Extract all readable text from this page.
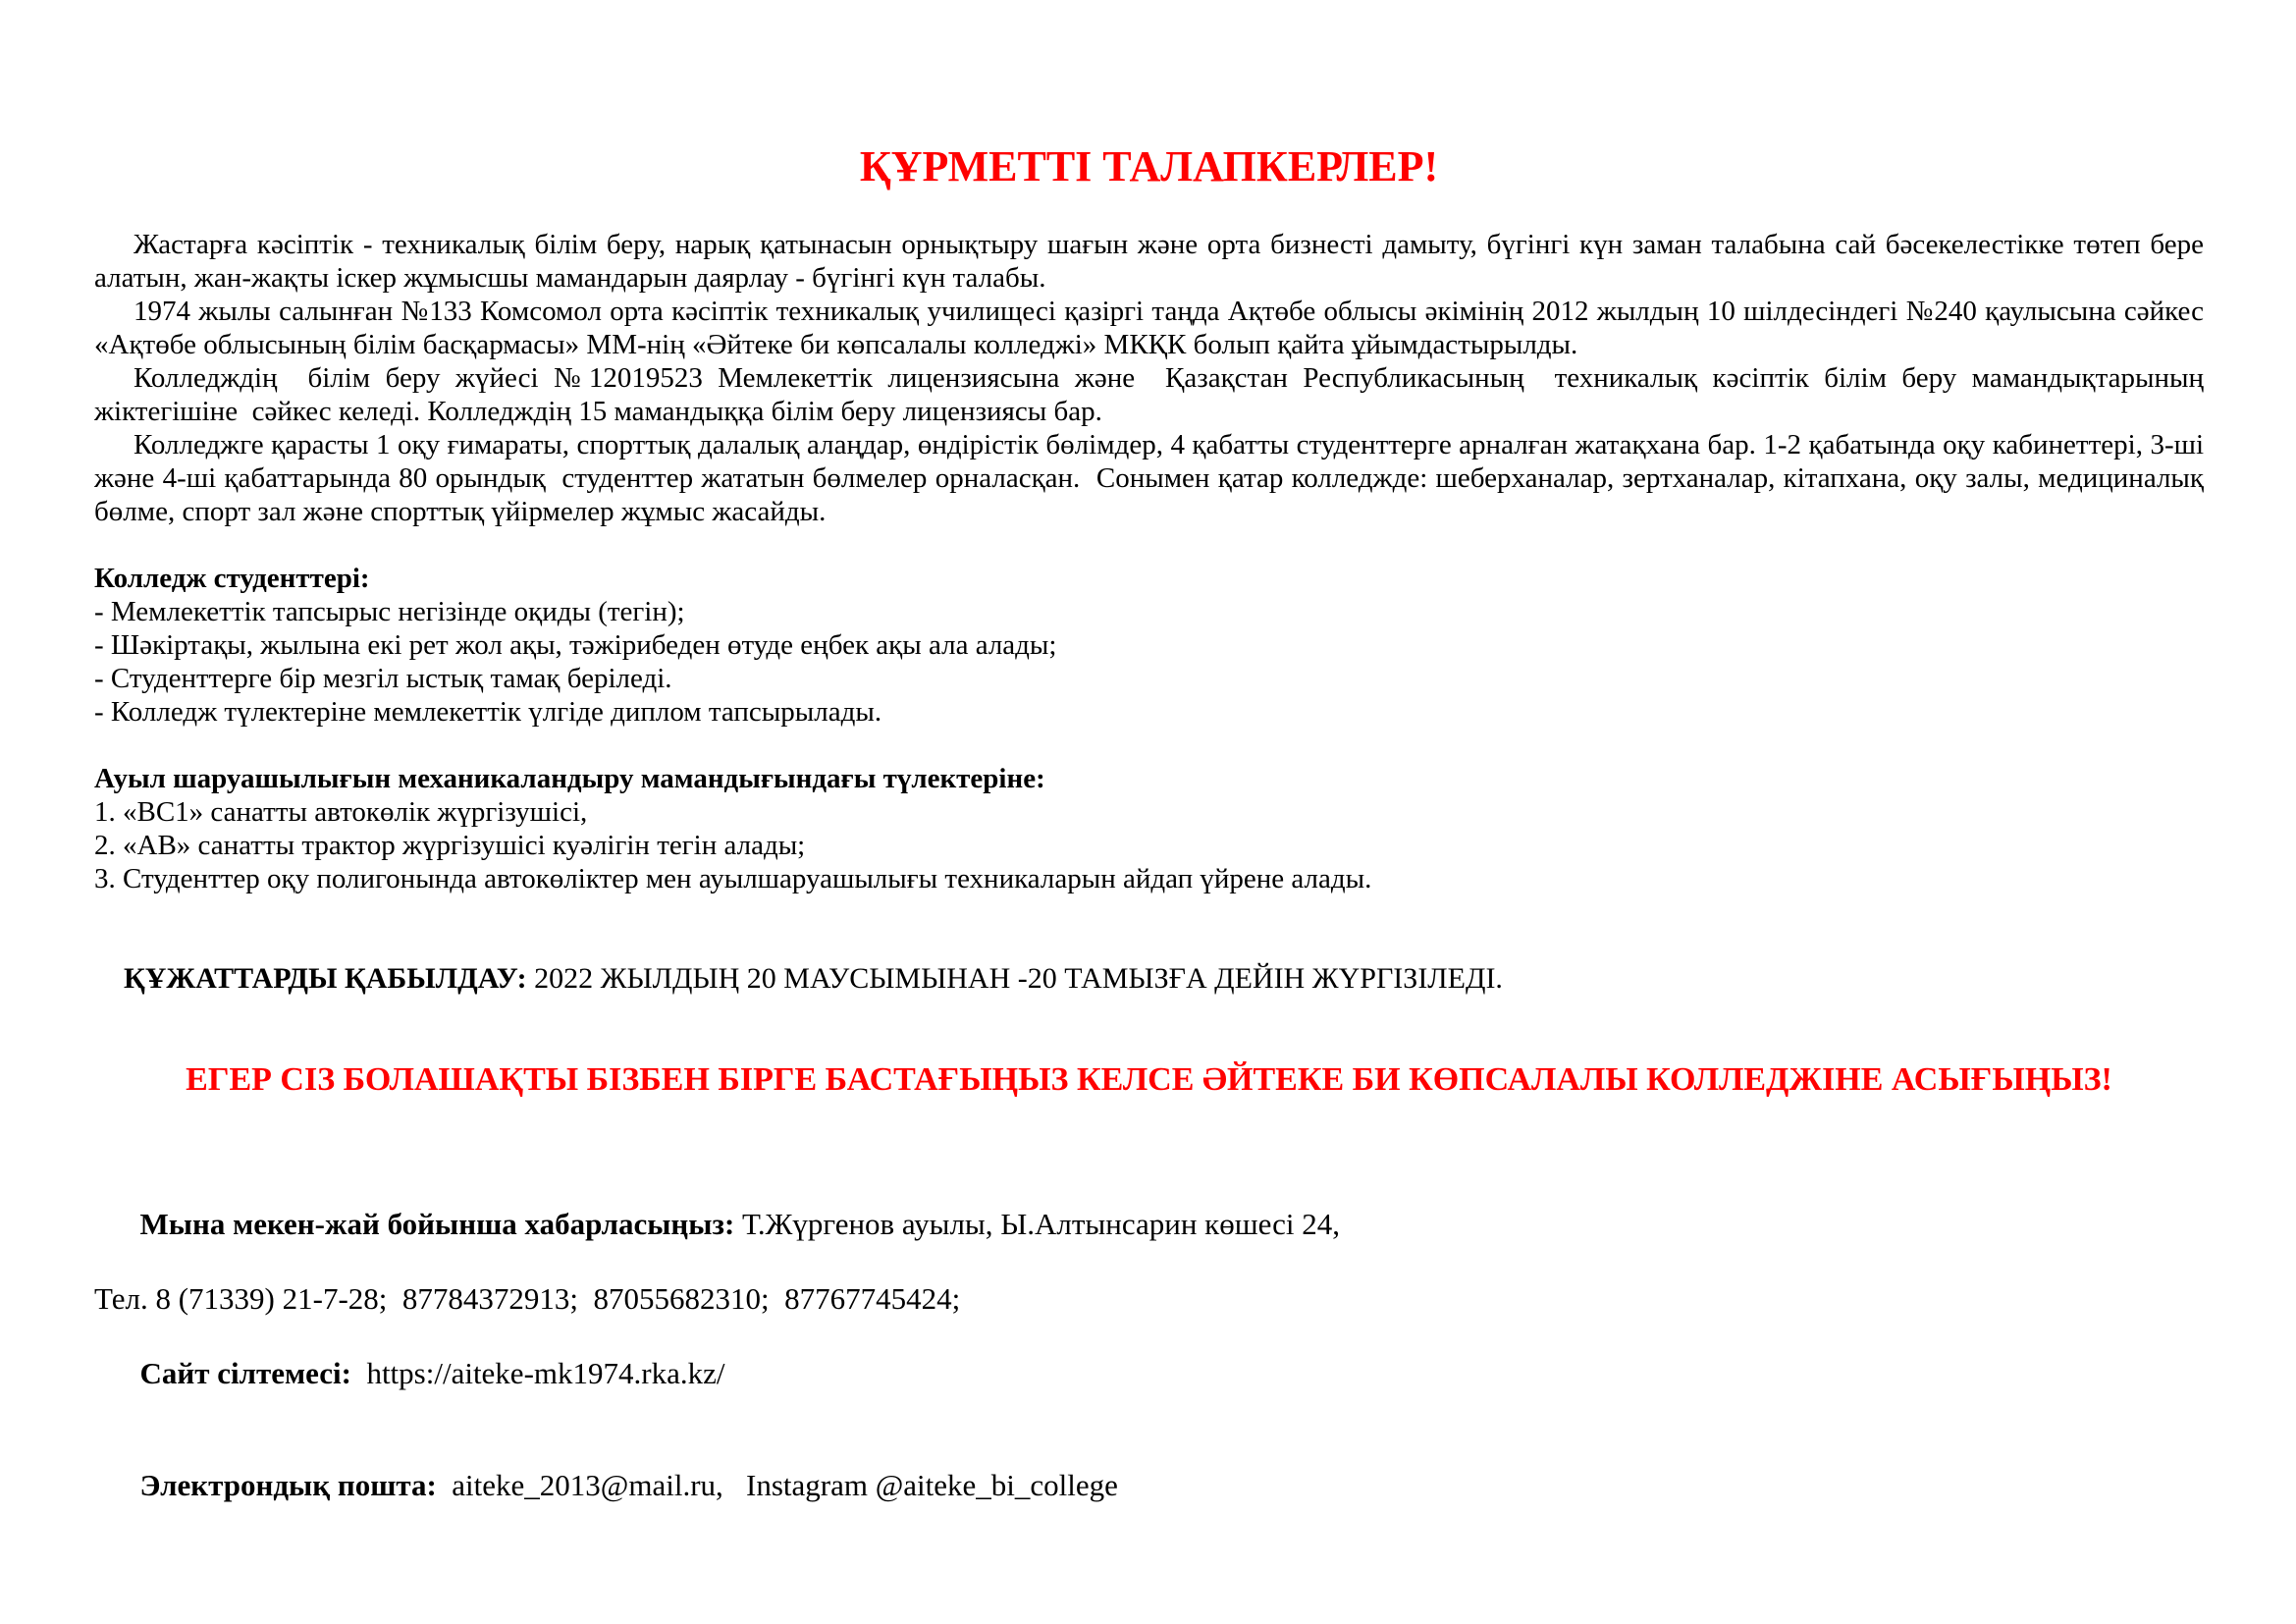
ҚҰРМЕТТІ ТАЛАПКЕРЛЕР!

Жастарға кәсіптік - техникалық білім беру, нарық қатынасын орнықтыру шағын және орта бизнесті дамыту, бүгінгі күн заман талабына сай бәсекелестікке төтеп бере алатын, жан-жақты іскер жұмысшы мамандарын даярлау - бүгінгі күн талабы.

1974 жылы салынған №133 Комсомол орта кәсіптік техникалық училищесі қазіргі таңда Ақтөбе облысы әкімінің 2012 жылдың 10 шілдесіндегі №240 қаулысына сәйкес «Ақтөбе облысының білім басқармасы» ММ-нің «Әйтеке би көпсалалы колледжі» МКҚК болып қайта ұйымдастырылды.

Колледждің  білім беру жүйесі №12019523 Мемлекеттік лицензиясына және  Қазақстан Республикасының  техникалық кәсіптік білім беру мамандықтарының жіктегішіне  сәйкес келеді. Колледждің 15 мамандыққа білім беру лицензиясы бар.

Колледжге қарасты 1 оқу ғимараты, спорттық далалық алаңдар, өндірістік бөлімдер, 4 қабатты студенттерге арналған жатақхана бар. 1-2 қабатында оқу кабинеттері, 3-ші және 4-ші қабаттарында 80 орындық  студенттер жататын бөлмелер орналасқан.  Сонымен қатар колледжде: шеберханалар, зертханалар, кітапхана, оқу залы, медициналық бөлме, спорт зал және спорттық үйірмелер жұмыс жасайды.

Колледж студенттері:

- Мемлекеттік тапсырыс негізінде оқиды (тегін);

- Шәкіртақы, жылына екі рет жол ақы, тәжірибеден өтуде еңбек ақы ала алады;

- Студенттерге бір мезгіл ыстық тамақ беріледі.

- Колледж түлектеріне мемлекеттік үлгіде диплом тапсырылады.

Ауыл шаруашылығын механикаландыру мамандығындағы түлектеріне:

1. «ВС1» санатты автокөлік жүргізушісі,

2. «АВ» санатты трактор жүргізушісі куәлігін тегін алады;

3. Студенттер оқу полигонында автокөліктер мен ауылшаруашылығы техникаларын айдап үйрене алады.

ҚҰЖАТТАРДЫ ҚАБЫЛДАУ: 2022 ЖЫЛДЫҢ 20 МАУСЫМЫНАН -20 ТАМЫЗҒА ДЕЙІН ЖҮРГІЗІЛЕДІ.

ЕГЕР СІЗ БОЛАШАҚТЫ БІЗБЕН БІРГЕ БАСТАҒЫҢЫЗ КЕЛСЕ ӘЙТЕКЕ БИ КӨПСАЛАЛЫ КОЛЛЕДЖІНЕ АСЫҒЫҢЫЗ!

Мына мекен-жай бойынша хабарласыңыз: Т.Жүргенов ауылы, Ы.Алтынсарин көшесі 24,

Тел. 8 (71339) 21-7-28;  87784372913;  87055682310;  87767745424;

Сайт сілтемесі:  https://aiteke-mk1974.rka.kz/

Электрондық пошта:  aiteke_2013@mail.ru,   Instagram @aiteke_bi_college
